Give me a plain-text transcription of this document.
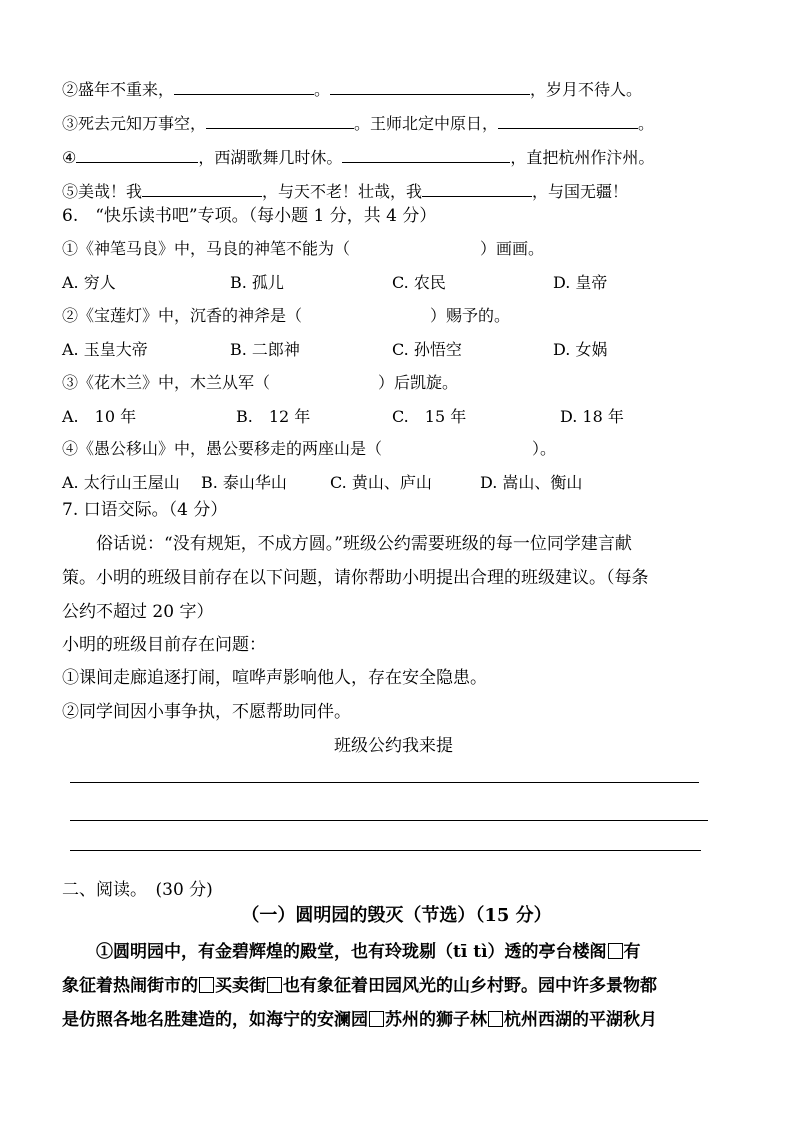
②盛年不重来，	。	，岁月不待人。
③死去元知万事空，	。王师北定中原日，	。
④	，西湖歌舞几时休。	，直把杭州作汴州。
⑤美哉！我	，与天不老！壮哉，我	，与国无疆！
6.　“快乐读书吧”专项。（每小题 1 分，共 4 分）
①《神笔马良》中，马良的神笔不能为（	）画画。
A. 穷人	B. 孤儿	C. 农民	D. 皇帝
②《宝莲灯》中，沉香的神斧是（	）赐予的。
A. 玉皇大帝	B. 二郎神	C. 孙悟空	D. 女娲
③《花木兰》中，木兰从军（	）后凯旋。
A.　10 年	B.　12 年	C.　15 年	D. 18 年
④《愚公移山》中，愚公要移走的两座山是（	）。
A. 太行山王屋山 B. 泰山华山	C. 黄山、庐山	D. 嵩山、衡山
7. 口语交际。（4 分）
俗话说：“没有规矩，不成方圆。”班级公约需要班级的每一位同学建言献
策。小明的班级目前存在以下问题，请你帮助小明提出合理的班级建议。（每条
公约不超过 20 字）
小明的班级目前存在问题：
①课间走廊追逐打闹，喧哗声影响他人，存在安全隐患。
②同学间因小事争执，不愿帮助同伴。
班级公约我来提
二、阅读。　(30 分)
（一）圆明园的毁灭（节选）（15 分）
①圆明园中，有金碧辉煌的殿堂，也有玲珑剔（tī tì）透的亭台楼阁 有
象征着热闹街市的 买卖街 也有象征着田园风光的山乡村野。园中许多景物都
是仿照各地名胜建造的，如海宁的安澜园 苏州的狮子林 杭州西湖的平湖秋月
